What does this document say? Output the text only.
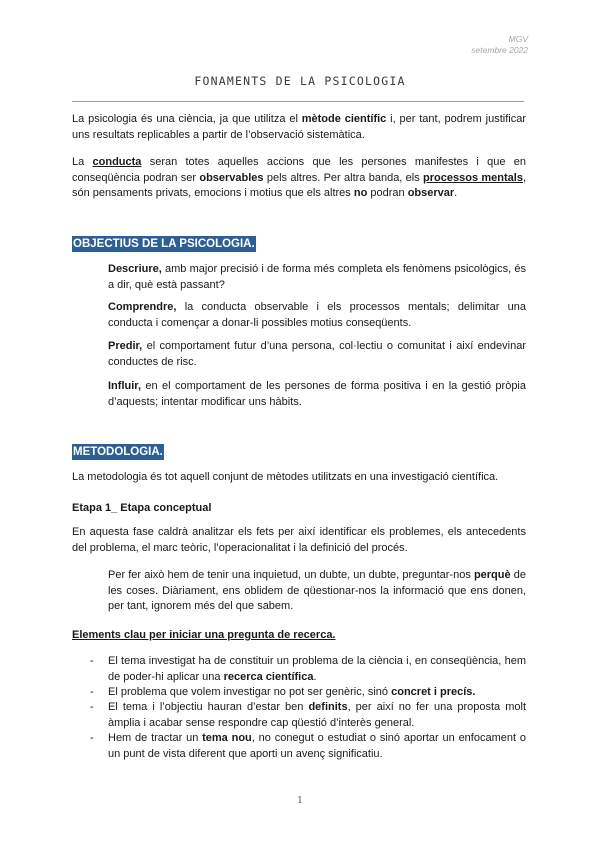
MGV
setembre 2022
FONAMENTS DE LA PSICOLOGIA

La psicologia és una ciència, ja que utilitza el mètode científic i, per tant, podrem justificar uns resultats replicables a partir de l’observació sistemàtica.

La conducta seran totes aquelles accions que les persones manifestes i que en conseqüència podran ser observables pels altres. Per altra banda, els processos mentals, són pensaments privats, emocions i motius que els altres no podran observar.

OBJECTIUS DE LA PSICOLOGIA.

Descriure, amb major precisió i de forma més completa els fenòmens psicològics, és a dir, què està passant?

Comprendre, la conducta observable i els processos mentals; delimitar una conducta i començar a donar-li possibles motius conseqüents.

Predir, el comportament futur d’una persona, col·lectiu o comunitat i així endevinar conductes de risc.

Influir, en el comportament de les persones de forma positiva i en la gestió pròpia d’aquests; intentar modificar uns hàbits.

METODOLOGIA.

La metodologia és tot aquell conjunt de mètodes utilitzats en una investigació científica.

Etapa 1_ Etapa conceptual

En aquesta fase caldrà analitzar els fets per així identificar els problemes, els antecedents del problema, el marc teòric, l’operacionalitat i la definició del procés.

Per fer això hem de tenir una inquietud, un dubte, un dubte, preguntar-nos perquè de les coses. Diàriament, ens oblidem de qüestionar-nos la informació que ens donen, per tant, ignorem més del que sabem.

Elements clau per iniciar una pregunta de recerca.
- El tema investigat ha de constituir un problema de la ciència i, en conseqüència, hem de poder-hi aplicar una recerca científica.
- El problema que volem investigar no pot ser genèric, sinó concret i precís.
- El tema i l’objectiu hauran d’estar ben definits, per així no fer una proposta molt àmplia i acabar sense respondre cap qüestió d’interès general.
- Hem de tractar un tema nou, no conegut o estudiat o sinó aportar un enfocament o un punt de vista diferent que aporti un avenç significatiu.
1
